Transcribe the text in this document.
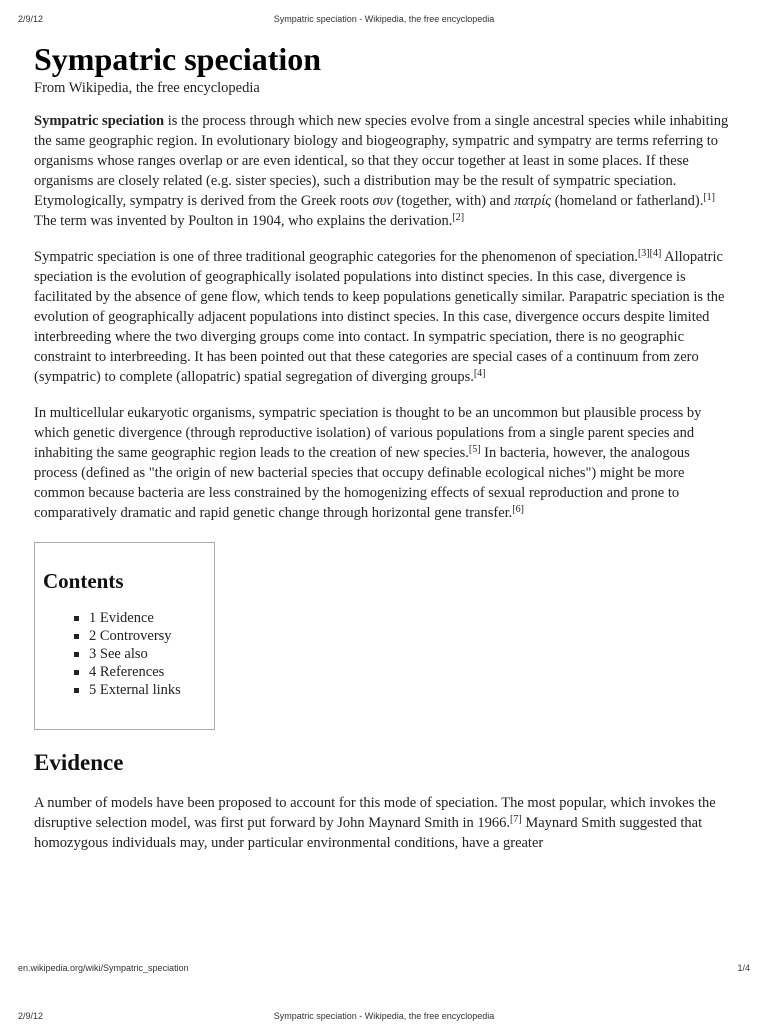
2/9/12	Sympatric speciation - Wikipedia, the free encyclopedia
Sympatric speciation
From Wikipedia, the free encyclopedia

Sympatric speciation is the process through which new species evolve from a single ancestral species while inhabiting the same geographic region. In evolutionary biology and biogeography, sympatric and sympatry are terms referring to organisms whose ranges overlap or are even identical, so that they occur together at least in some places. If these organisms are closely related (e.g. sister species), such a distribution may be the result of sympatric speciation. Etymologically, sympatry is derived from the Greek roots συν (together, with) and πατρίς (homeland or fatherland).[1] The term was invented by Poulton in 1904, who explains the derivation.[2]

Sympatric speciation is one of three traditional geographic categories for the phenomenon of speciation.[3][4] Allopatric speciation is the evolution of geographically isolated populations into distinct species. In this case, divergence is facilitated by the absence of gene flow, which tends to keep populations genetically similar. Parapatric speciation is the evolution of geographically adjacent populations into distinct species. In this case, divergence occurs despite limited interbreeding where the two diverging groups come into contact. In sympatric speciation, there is no geographic constraint to interbreeding. It has been pointed out that these categories are special cases of a continuum from zero (sympatric) to complete (allopatric) spatial segregation of diverging groups.[4]

In multicellular eukaryotic organisms, sympatric speciation is thought to be an uncommon but plausible process by which genetic divergence (through reproductive isolation) of various populations from a single parent species and inhabiting the same geographic region leads to the creation of new species.[5] In bacteria, however, the analogous process (defined as "the origin of new bacterial species that occupy definable ecological niches") might be more common because bacteria are less constrained by the homogenizing effects of sexual reproduction and prone to comparatively dramatic and rapid genetic change through horizontal gene transfer.[6]

Contents
1 Evidence
2 Controversy
3 See also
4 References
5 External links
Evidence

A number of models have been proposed to account for this mode of speciation. The most popular, which invokes the disruptive selection model, was first put forward by John Maynard Smith in 1966.[7] Maynard Smith suggested that homozygous individuals may, under particular environmental conditions, have a greater

en.wikipedia.org/wiki/Sympatric_speciation	1/4
2/9/12	Sympatric speciation - Wikipedia, the free encyclopedia
